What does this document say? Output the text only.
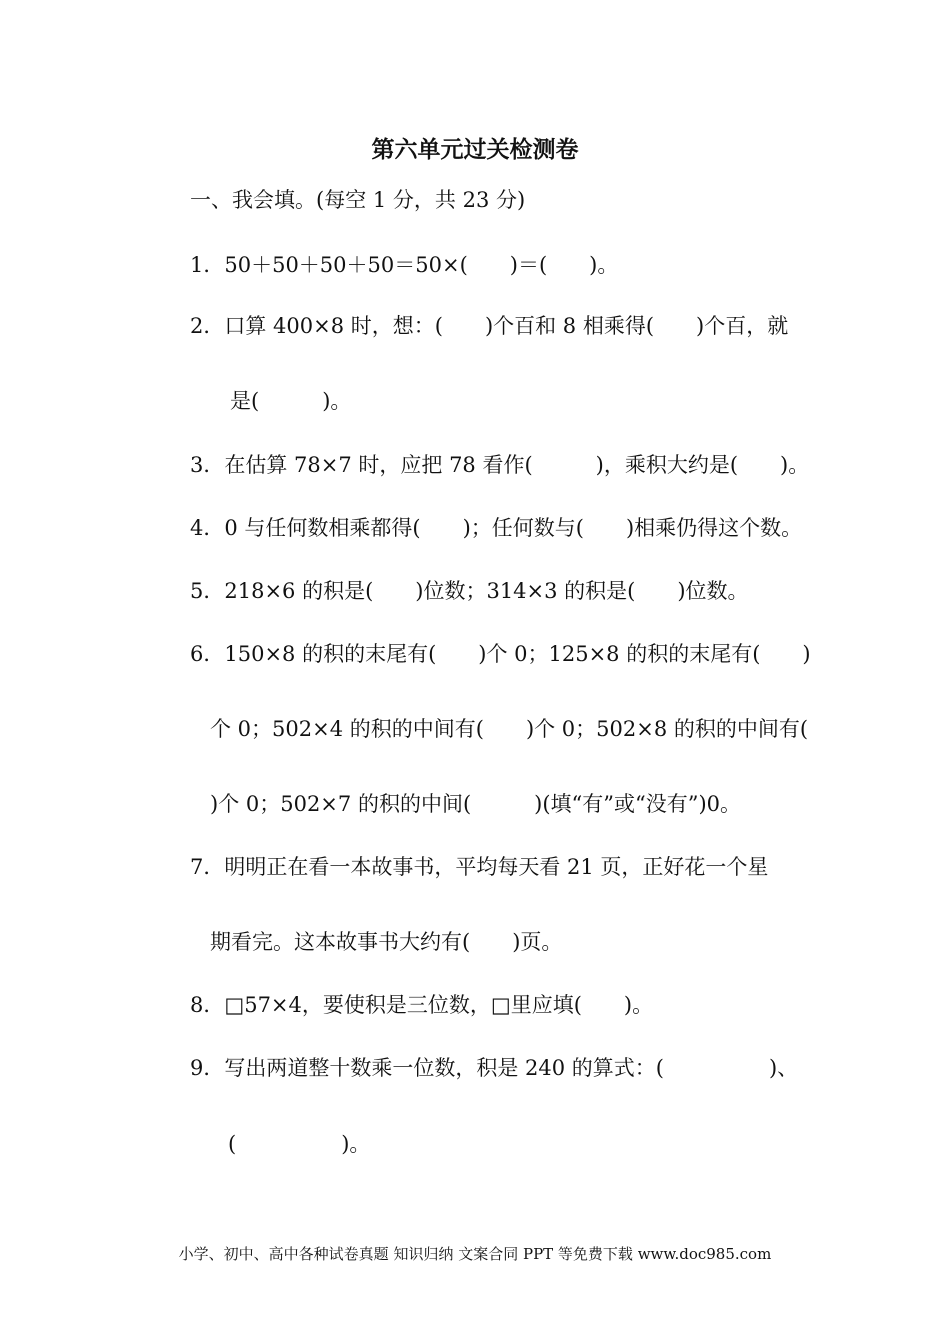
第六单元过关检测卷
一、我会填。(每空 1 分，共 23 分)
1．50＋50＋50＋50＝50×(　　)＝(　　)。
2．口算 400×8 时，想：(　　)个百和 8 相乘得(　　)个百，就
是(　　　)。
3．在估算 78×7 时，应把 78 看作(　　　)，乘积大约是(　　)。
4．0 与任何数相乘都得(　　)；任何数与(　　)相乘仍得这个数。
5．218×6 的积是(　　)位数；314×3 的积是(　　)位数。
6．150×8 的积的末尾有(　　)个 0；125×8 的积的末尾有(　　)
个 0；502×4 的积的中间有(　　)个 0；502×8 的积的中间有(
)个 0；502×7 的积的中间(　　　)(填“有”或“没有”)0。
7．明明正在看一本故事书，平均每天看 21 页，正好花一个星
期看完。这本故事书大约有(　　)页。
8．□57×4，要使积是三位数，□里应填(　　)。
9．写出两道整十数乘一位数，积是 240 的算式：(　　　　　)、
(　　　　　)。
小学、初中、高中各种试卷真题 知识归纳 文案合同 PPT 等免费下载 www.doc985.com
